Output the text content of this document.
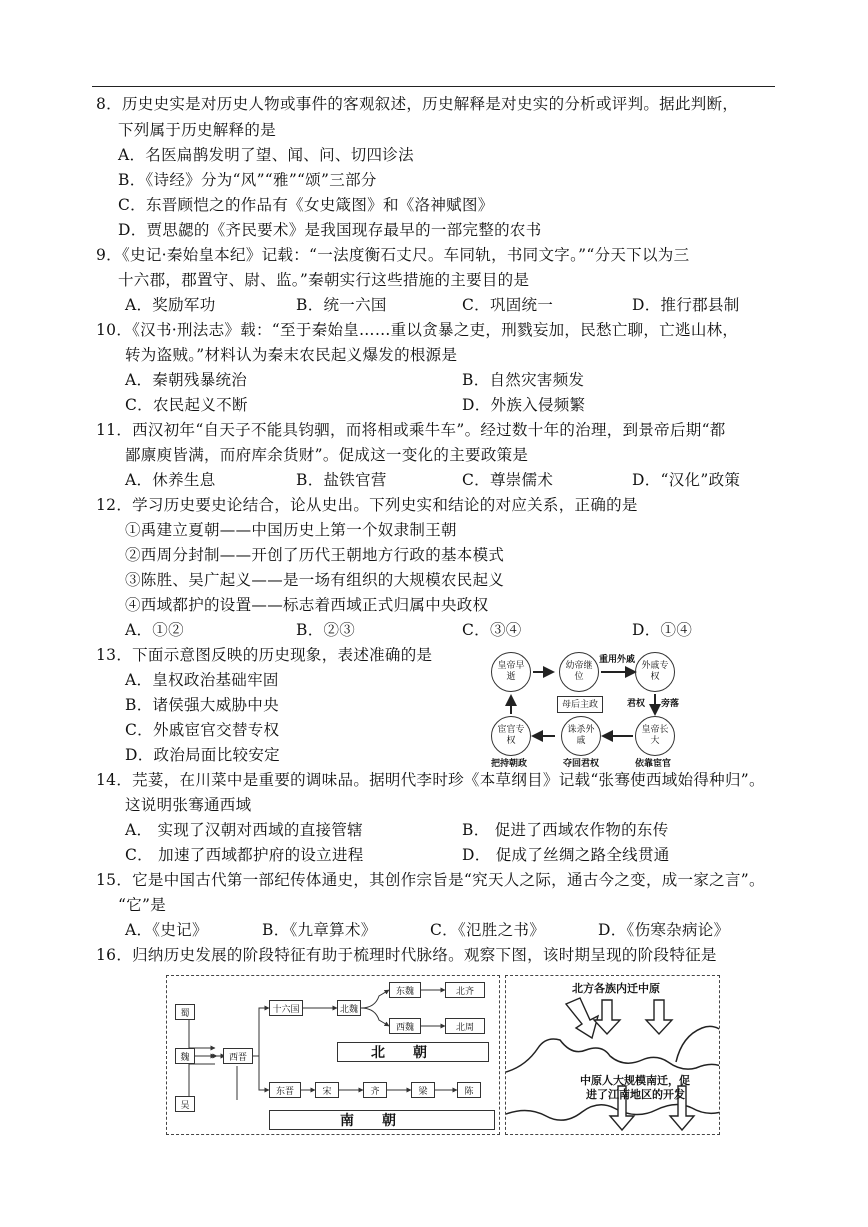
8．历史史实是对历史人物或事件的客观叙述，历史解释是对史实的分析或评判。据此判断，
下列属于历史解释的是
A．名医扁鹊发明了望、闻、问、切四诊法
B．《诗经》分为“风”“雅”“颂”三部分
C．东晋顾恺之的作品有《女史箴图》和《洛神赋图》
D．贾思勰的《齐民要术》是我国现存最早的一部完整的农书
9．《史记·秦始皇本纪》记载：“一法度衡石丈尺。车同轨，书同文字。”“分天下以为三
十六郡，郡置守、尉、监。”秦朝实行这些措施的主要目的是
A．奖励军功	B．统一六国	C．巩固统一	D．推行郡县制
10．《汉书·刑法志》载：“至于秦始皇……重以贪暴之吏，刑戮妄加，民愁亡聊，亡逃山林，
转为盗贼。”材料认为秦末农民起义爆发的根源是
A．秦朝残暴统治	B．自然灾害频发
C．农民起义不断	D．外族入侵频繁
11．西汉初年“自天子不能具钧驷，而将相或乘牛车”。经过数十年的治理，到景帝后期“都
鄙廪庾皆满，而府库余货财”。促成这一变化的主要政策是
A．休养生息	B．盐铁官营	C．尊崇儒术	D．“汉化”政策
12．学习历史要史论结合，论从史出。下列史实和结论的对应关系，正确的是
①禹建立夏朝——中国历史上第一个奴隶制王朝
②西周分封制——开创了历代王朝地方行政的基本模式
③陈胜、吴广起义——是一场有组织的大规模农民起义
④西域都护的设置——标志着西域正式归属中央政权
A．①②	B．②③	C．③④	D．①④
13．下面示意图反映的历史现象，表述准确的是
A．皇权政治基础牢固
B．诸侯强大威胁中央
C．外戚宦官交替专权
D．政治局面比较安定
皇帝早逝
幼帝继位
外戚专权
皇帝长大
诛杀外戚
宦官专权
母后主政
重用外戚
君权 旁落
依靠宦官
夺回君权
把持朝政
14．芫荽，在川菜中是重要的调味品。据明代李时珍《本草纲目》记载“张骞使西域始得种归”。
这说明张骞通西域
A． 实现了汉朝对西域的直接管辖	B． 促进了西域农作物的东传
C． 加速了西域都护府的设立进程	D． 促成了丝绸之路全线贯通
15．它是中国古代第一部纪传体通史，其创作宗旨是“究天人之际，通古今之变，成一家之言”。
“它”是
A．《史记》	B．《九章算术》	C．《氾胜之书》	D．《伤寒杂病论》
16．归纳历史发展的阶段特征有助于梳理时代脉络。观察下图，该时期呈现的阶段特征是
蜀
魏
吴
西晋
十六国	北魏
东魏	北齐
西魏	北周
北朝
东晋	宋	齐	梁	陈
南朝
北方各族内迁中原
中原人大规模南迁，促
进了江南地区的开发
